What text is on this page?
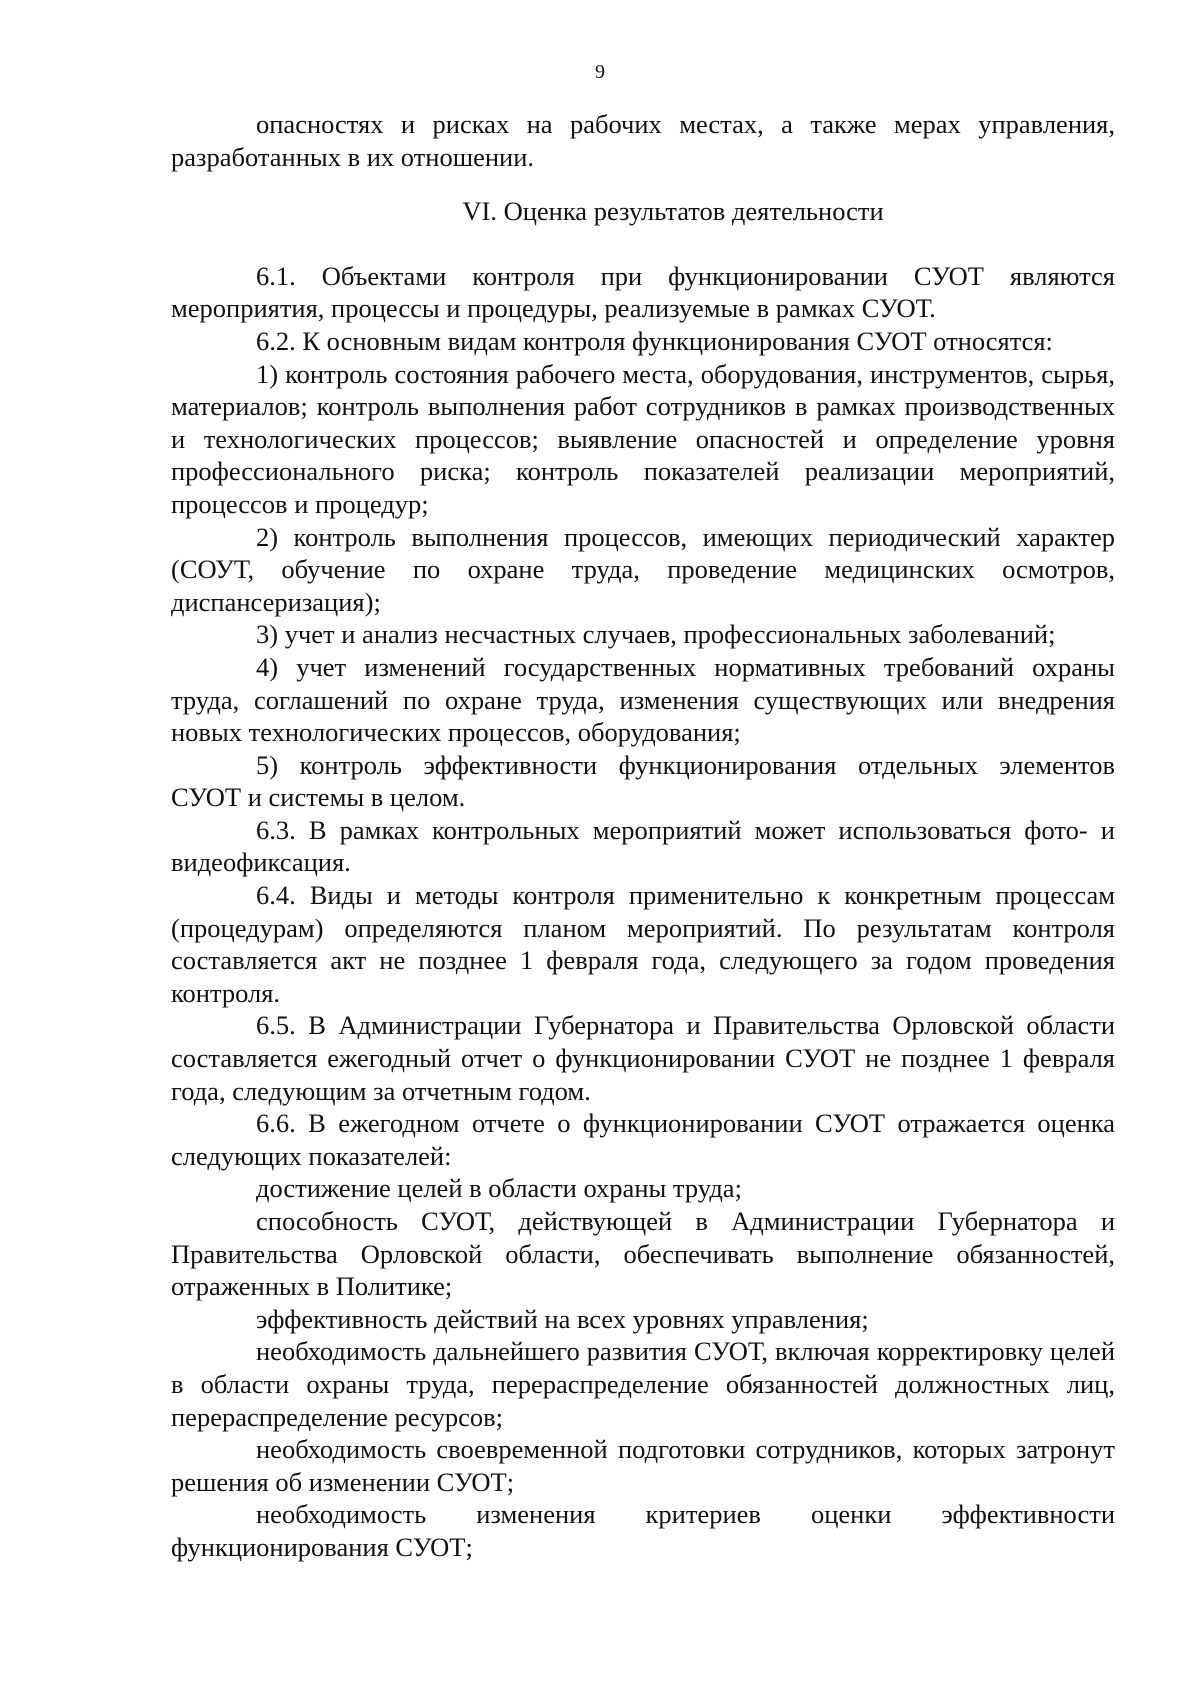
9

опасностях и рисках на рабочих местах, а также мерах управления, разработанных в их отношении.

VI. Оценка результатов деятельности

6.1. Объектами контроля при функционировании СУОТ являются мероприятия, процессы и процедуры, реализуемые в рамках СУОТ.

6.2. К основным видам контроля функционирования СУОТ относятся:

1) контроль состояния рабочего места, оборудования, инструментов, сырья, материалов; контроль выполнения работ сотрудников в рамках производственных и технологических процессов; выявление опасностей и определение уровня профессионального риска; контроль показателей реализации мероприятий, процессов и процедур;

2) контроль выполнения процессов, имеющих периодический характер (СОУТ, обучение по охране труда, проведение медицинских осмотров, диспансеризация);

3) учет и анализ несчастных случаев, профессиональных заболеваний;

4) учет изменений государственных нормативных требований охраны труда, соглашений по охране труда, изменения существующих или внедрения новых технологических процессов, оборудования;

5) контроль эффективности функционирования отдельных элементов СУОТ и системы в целом.

6.3. В рамках контрольных мероприятий может использоваться фото- и видеофиксация.

6.4. Виды и методы контроля применительно к конкретным процессам (процедурам) определяются планом мероприятий. По результатам контроля составляется акт не позднее 1 февраля года, следующего за годом проведения контроля.

6.5. В Администрации Губернатора и Правительства Орловской области составляется ежегодный отчет о функционировании СУОТ не позднее 1 февраля года, следующим за отчетным годом.

6.6. В ежегодном отчете о функционировании СУОТ отражается оценка следующих показателей:

достижение целей в области охраны труда;

способность СУОТ, действующей в Администрации Губернатора и Правительства Орловской области, обеспечивать выполнение обязанностей, отраженных в Политике;

эффективность действий на всех уровнях управления;

необходимость дальнейшего развития СУОТ, включая корректировку целей в области охраны труда, перераспределение обязанностей должностных лиц, перераспределение ресурсов;

необходимость своевременной подготовки сотрудников, которых затронут решения об изменении СУОТ;

необходимость изменения критериев оценки эффективности функционирования СУОТ;
